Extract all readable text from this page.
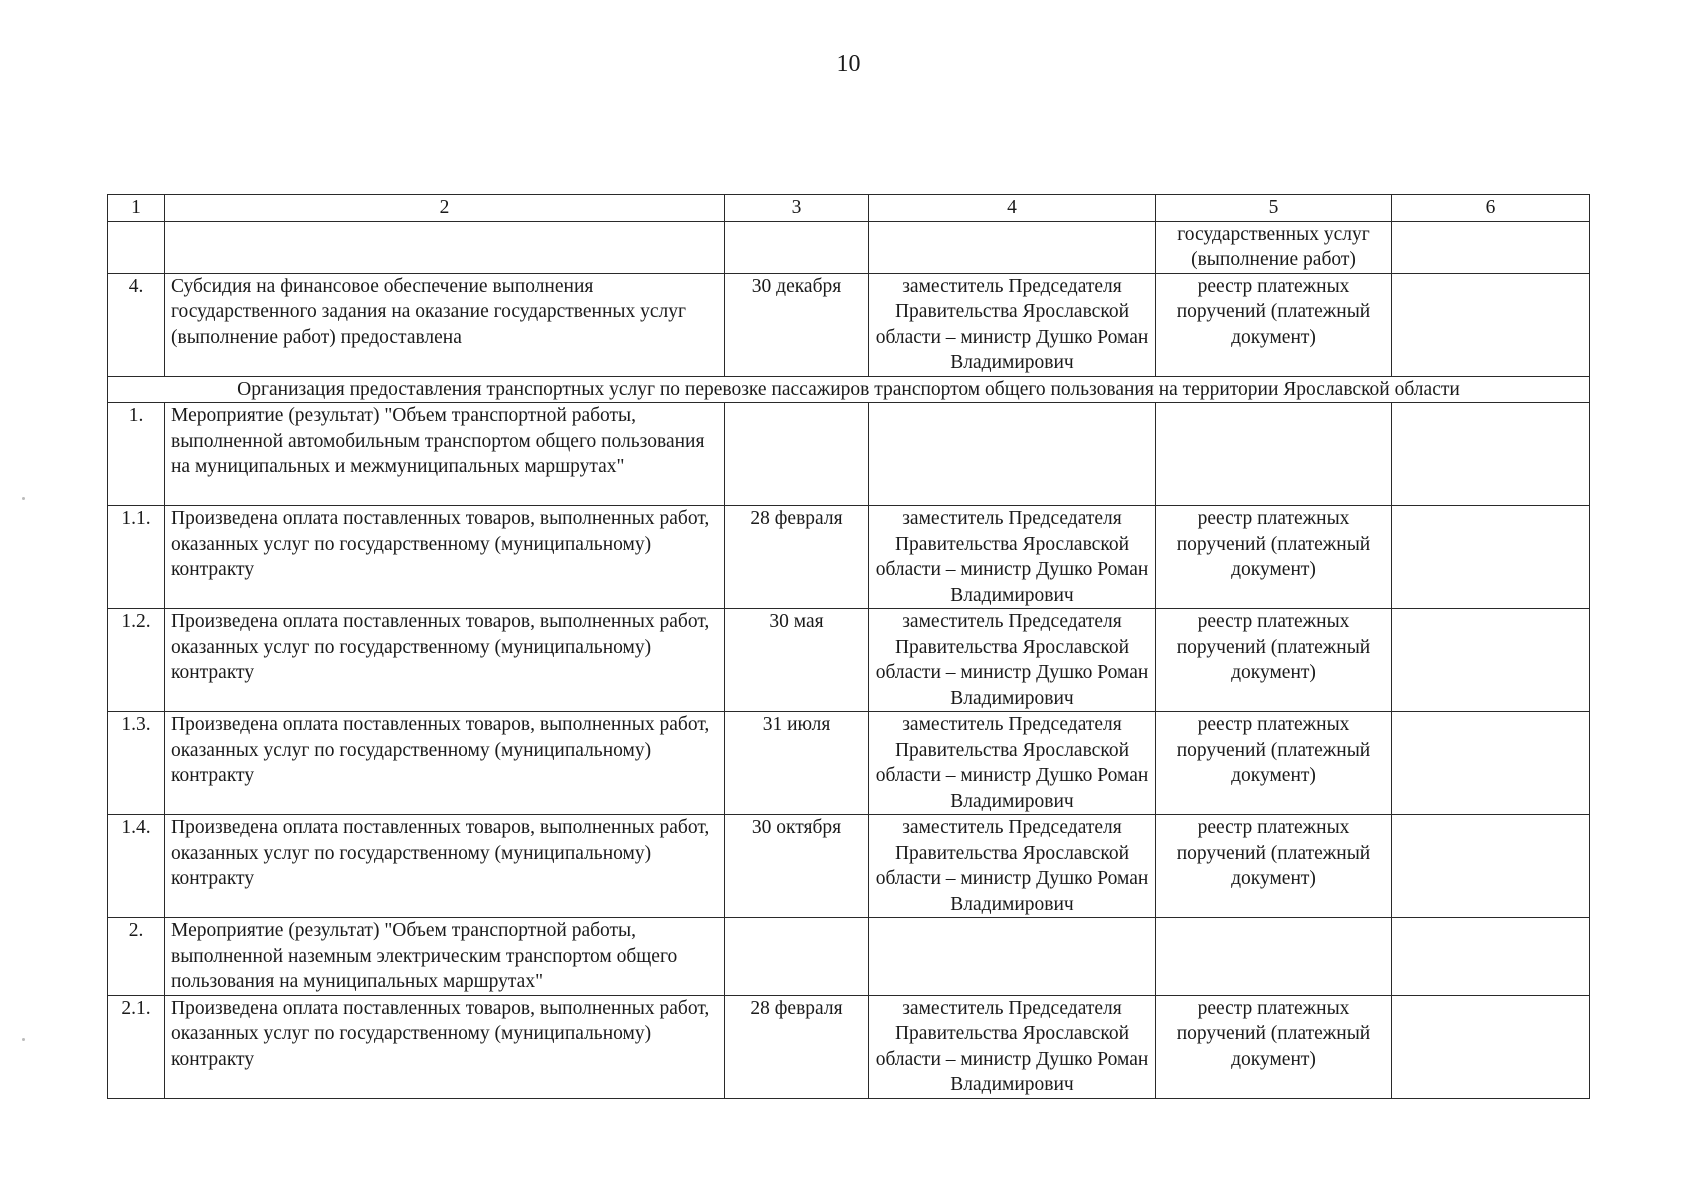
10
1	2	3	4	5	6
				государственных услуг (выполнение работ)	
4.	Субсидия на финансовое обеспечение выполнения государственного задания на оказание государственных услуг (выполнение работ) предоставлена	30 декабря	заместитель Председателя Правительства Ярославской области – министр Душко Роман Владимирович	реестр платежных поручений (платежный документ)	
Организация предоставления транспортных услуг по перевозке пассажиров транспортом общего пользования на территории Ярославской области					
1.	Мероприятие (результат) "Объем транспортной работы, выполненной автомобильным транспортом общего пользования на муниципальных и межмуниципальных маршрутах"				
1.1.	Произведена оплата поставленных товаров, выполненных работ, оказанных услуг по государственному (муниципальному) контракту	28 февраля	заместитель Председателя Правительства Ярославской области – министр Душко Роман Владимирович	реестр платежных поручений (платежный документ)	
1.2.	Произведена оплата поставленных товаров, выполненных работ, оказанных услуг по государственному (муниципальному) контракту	30 мая	заместитель Председателя Правительства Ярославской области – министр Душко Роман Владимирович	реестр платежных поручений (платежный документ)	
1.3.	Произведена оплата поставленных товаров, выполненных работ, оказанных услуг по государственному (муниципальному) контракту	31 июля	заместитель Председателя Правительства Ярославской области – министр Душко Роман Владимирович	реестр платежных поручений (платежный документ)	
1.4.	Произведена оплата поставленных товаров, выполненных работ, оказанных услуг по государственному (муниципальному) контракту	30 октября	заместитель Председателя Правительства Ярославской области – министр Душко Роман Владимирович	реестр платежных поручений (платежный документ)	
2.	Мероприятие (результат) "Объем транспортной работы, выполненной наземным электрическим транспортом общего пользования на муниципальных маршрутах"				
2.1.	Произведена оплата поставленных товаров, выполненных работ, оказанных услуг по государственному (муниципальному) контракту	28 февраля	заместитель Председателя Правительства Ярославской области – министр Душко Роман Владимирович	реестр платежных поручений (платежный документ)	
